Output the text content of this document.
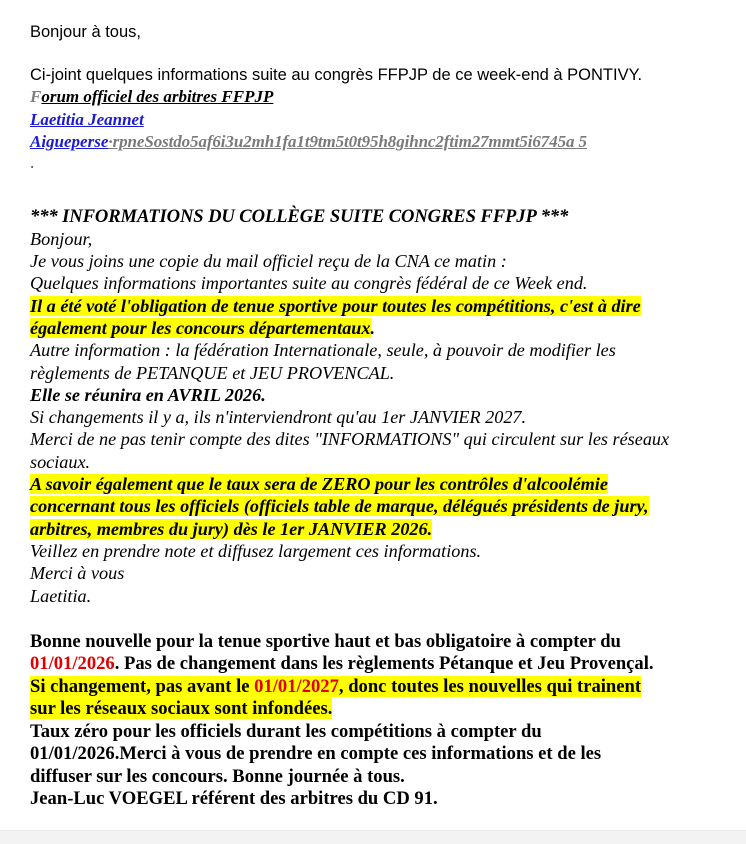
Bonjour à tous,
Ci-joint quelques informations suite au congrès FFPJP de ce week-end à PONTIVY.
Forum officiel des arbitres FFPJP
Laetitia Jeannet
Aigueperse·rpneSostdo5af6i3u2mh1fa1t9tm5t0t95h8gihnc2ftim27mmt5i6745a 5
.

*** INFORMATIONS DU COLLÈGE SUITE CONGRES FFPJP ***

Bonjour,

Je vous joins une copie du mail officiel reçu de la CNA ce matin :

Quelques informations importantes suite au congrès fédéral de ce Week end.

Il a été voté l'obligation de tenue sportive pour toutes les compétitions, c'est à dire

également pour les concours départementaux.

Autre information : la fédération Internationale, seule, à pouvoir de modifier les

règlements de PETANQUE et JEU PROVENCAL.

Elle se réunira en AVRIL 2026.

Si changements il y a, ils n'interviendront qu'au 1er JANVIER 2027.

Merci de ne pas tenir compte des dites "INFORMATIONS" qui circulent sur les réseaux

sociaux.

A savoir également que le taux sera de ZERO pour les contrôles d'alcoolémie

concernant tous les officiels (officiels table de marque, délégués présidents de jury,

arbitres, membres du jury) dès le 1er JANVIER 2026.

Veillez en prendre note et diffusez largement ces informations.

Merci à vous

Laetitia.

Bonne nouvelle pour la tenue sportive haut et bas obligatoire à compter du

01/01/2026. Pas de changement dans les règlements Pétanque et Jeu Provençal.

Si changement, pas avant le 01/01/2027, donc toutes les nouvelles qui trainent

sur les réseaux sociaux sont infondées.

Taux zéro pour les officiels durant les compétitions à compter du

01/01/2026.Merci à vous de prendre en compte ces informations et de les

diffuser sur les concours. Bonne journée à tous.

Jean-Luc VOEGEL référent des arbitres du CD 91.
